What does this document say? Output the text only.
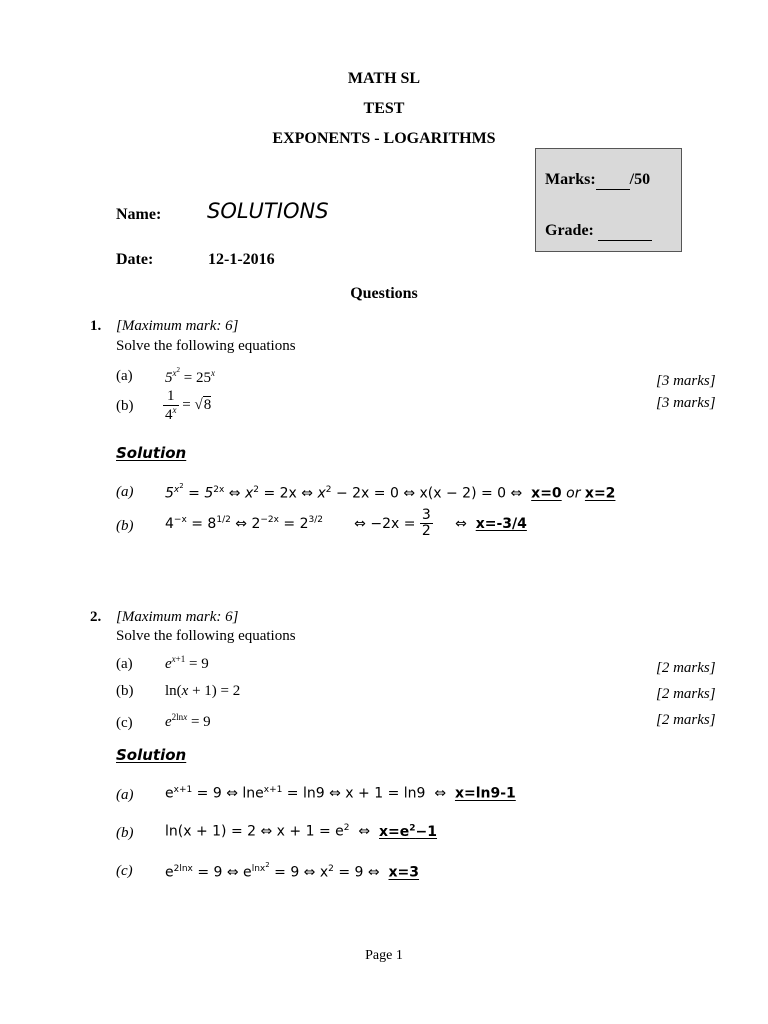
MATH SL
TEST
EXPONENTS - LOGARITHMS
Marks: /50
Grade:
Name: SOLUTIONS
Date:	12-1-2016
Questions
1. [Maximum mark: 6]
Solve the following equations
(a) $5^{x^2} = 25^x$	[3 marks]
$(b) \frac{1}{4^x} = √8$	[3 marks]
Solution
(a) $5^{x^2} = 5^{2x}$ ⇔ $x^2 = 2x$ ⇔ $x^2 - 2x = 0$ ⇔ x(x − 2) = 0 ⇔  x=0 or x=2
(b) $4^{-x} = 8^{1/2}$ ⇔ $2^{-2x} = 2^{3/2}$       ⇔ $-2x = \frac{3}{2}$ ⇔  x=-3/4
2. [Maximum mark: 6]
Solve the following equations
(a) $e^{x+1} = 9$	[2 marks]
(b) ln(x + 1) = 2	[2 marks]
(c) $e^{2lnx} = 9$	[2 marks]
Solution
(a) $e^{x+1} = 9$ ⇔ lne$^{x+1}$ = ln9 ⇔ x + 1 = ln9  ⇔  x=ln9-1
(b) ln(x + 1) = 2 ⇔ $x + 1 = e^2$  ⇔  $x=e^2-1$
(c) $e^{2lnx} = 9$ ⇔ $e^{lnx^2} = 9$ ⇔ $x^2 = 9$ ⇔  x=3
Page 1
